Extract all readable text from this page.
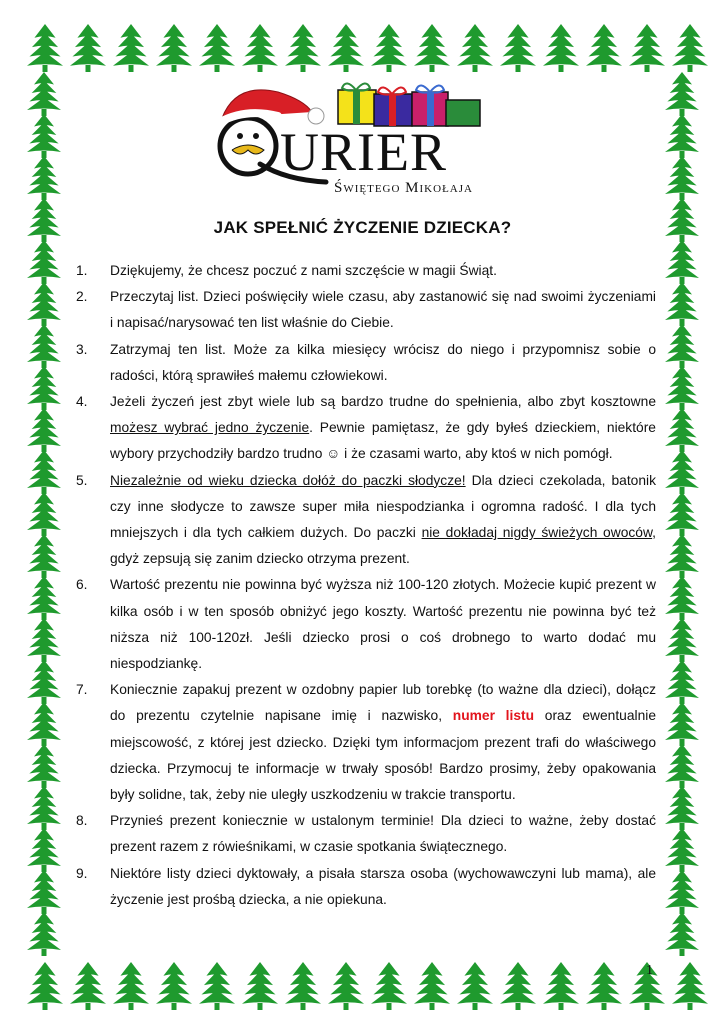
URIER
Świętego Mikołaja
JAK SPEŁNIĆ ŻYCZENIE DZIECKA?
1.	Dziękujemy, że chcesz poczuć z nami szczęście w magii Świąt.
2.	Przeczytaj list. Dzieci poświęciły wiele czasu, aby zastanowić się nad swoimi życzeniami i napisać/narysować ten list właśnie do Ciebie.
3.	Zatrzymaj ten list. Może za kilka miesięcy wrócisz do niego i przypomnisz sobie o radości, którą sprawiłeś małemu człowiekowi.
4.	Jeżeli życzeń jest zbyt wiele lub są bardzo trudne do spełnienia, albo zbyt kosztowne możesz wybrać jedno życzenie. Pewnie pamiętasz, że gdy byłeś dzieckiem, niektóre wybory przychodziły bardzo trudno ☺ i że czasami warto, aby ktoś w nich pomógł.
5.	Niezależnie od wieku dziecka dołóż do paczki słodycze! Dla dzieci czekolada, batonik czy inne słodycze to zawsze super miła niespodzianka i ogromna radość. I dla tych mniejszych i dla tych całkiem dużych. Do paczki nie dokładaj nigdy świeżych owoców, gdyż zepsują się zanim dziecko otrzyma prezent.
6.	Wartość prezentu nie powinna być wyższa niż 100-120 złotych. Możecie kupić prezent w kilka osób i w ten sposób obniżyć jego koszty. Wartość prezentu nie powinna być też niższa niż 100-120zł. Jeśli dziecko prosi o coś drobnego to warto dodać mu niespodziankę.
7.	Koniecznie zapakuj prezent w ozdobny papier lub torebkę (to ważne dla dzieci), dołącz do prezentu czytelnie napisane imię i nazwisko, numer listu oraz ewentualnie miejscowość, z której jest dziecko. Dzięki tym informacjom prezent trafi do właściwego dziecka. Przymocuj te informacje w trwały sposób! Bardzo prosimy, żeby opakowania były solidne, tak, żeby nie uległy uszkodzeniu w trakcie transportu.
8.	Przynieś prezent koniecznie w ustalonym terminie! Dla dzieci to ważne, żeby dostać prezent razem z rówieśnikami, w czasie spotkania świątecznego.
9.	Niektóre listy dzieci dyktowały, a pisała starsza osoba (wychowawczyni lub mama), ale życzenie jest prośbą dziecka, a nie opiekuna.
1
